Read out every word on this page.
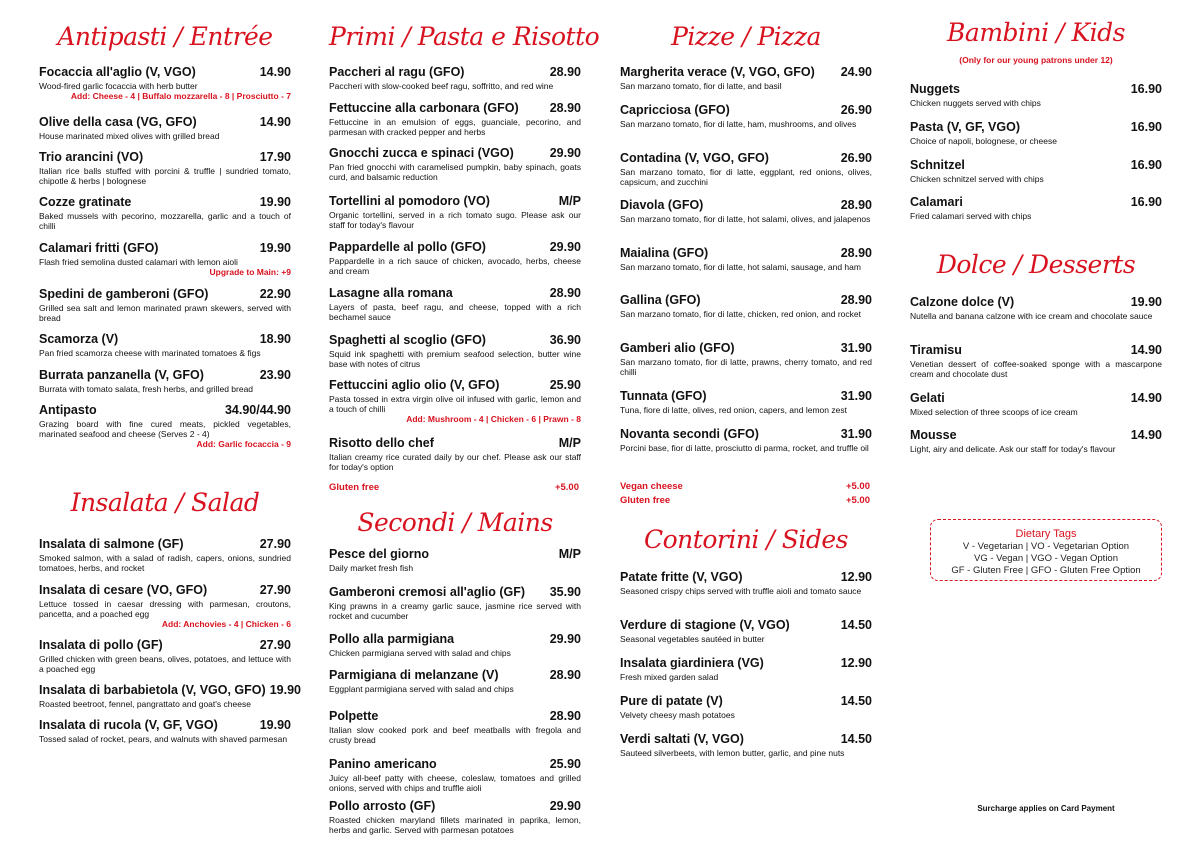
Antipasti / Entrée
Focaccia all'aglio (V, VGO)	14.90
Wood-fired garlic focaccia with herb butter
Add: Cheese - 4 | Buffalo mozzarella - 8 | Prosciutto - 7
Olive della casa (VG, GFO)	14.90
House marinated mixed olives with grilled bread
Trio arancini (VO)	17.90
Italian rice balls stuffed with porcini & truffle | sundried tomato, chipotle & herbs | bolognese
Cozze gratinate	19.90
Baked mussels with pecorino, mozzarella, garlic and a touch of chilli
Calamari fritti (GFO)	19.90
Flash fried semolina dusted calamari with lemon aioli
Upgrade to Main: +9
Spedini de gamberoni (GFO)	22.90
Grilled sea salt and lemon marinated prawn skewers, served with bread
Scamorza (V)	18.90
Pan fried scamorza cheese with marinated tomatoes & figs
Burrata panzanella (V, GFO)	23.90
Burrata with tomato salata, fresh herbs, and grilled bread
Antipasto	34.90/44.90
Grazing board with fine cured meats, pickled vegetables, marinated seafood and cheese (Serves 2 - 4)
Add: Garlic focaccia - 9
Insalata / Salad
Insalata di salmone (GF)	27.90
Smoked salmon, with a salad of radish, capers, onions, sundried tomatoes, herbs, and rocket
Insalata di cesare (VO, GFO)	27.90
Lettuce tossed in caesar dressing with parmesan, croutons, pancetta, and a poached egg
Add: Anchovies - 4 | Chicken - 6
Insalata di pollo (GF)	27.90
Grilled chicken with green beans, olives, potatoes, and lettuce with a poached egg
Insalata di barbabietola (V, VGO, GFO) 19.90
Roasted beetroot, fennel, pangrattato and goat's cheese
Insalata di rucola (V, GF, VGO)	19.90
Tossed salad of rocket, pears, and walnuts with shaved parmesan
Primi / Pasta e Risotto
Paccheri al ragu (GFO)	28.90
Paccheri with slow-cooked beef ragu, soffritto, and red wine
Fettuccine alla carbonara (GFO) 28.90
Fettuccine in an emulsion of eggs, guanciale, pecorino, and parmesan with cracked pepper and herbs
Gnocchi zucca e spinaci (VGO)	29.90
Pan fried gnocchi with caramelised pumpkin, baby spinach, goats curd, and balsamic reduction
Tortellini al pomodoro (VO)	M/P
Organic tortellini, served in a rich tomato sugo. Please ask our staff for today's flavour
Pappardelle al pollo (GFO)	29.90
Pappardelle in a rich sauce of chicken, avocado, herbs, cheese and cream
Lasagne alla romana	28.90
Layers of pasta, beef ragu, and cheese, topped with a rich bechamel sauce
Spaghetti al scoglio (GFO)	36.90
Squid ink spaghetti with premium seafood selection, butter wine base with notes of citrus
Fettuccini aglio olio (V, GFO)	25.90
Pasta tossed in extra virgin olive oil infused with garlic, lemon and a touch of chilli
Add: Mushroom - 4 | Chicken - 6 | Prawn - 8
Risotto dello chef	M/P
Italian creamy rice curated daily by our chef. Please ask our staff for today's option
Gluten free	+5.00
Secondi / Mains
Pesce del giorno	M/P
Daily market fresh fish
Gamberoni cremosi all'aglio (GF) 35.90
King prawns in a creamy garlic sauce, jasmine rice served with rocket and cucumber
Pollo alla parmigiana	29.90
Chicken parmigiana served with salad and chips
Parmigiana di melanzane (V)	28.90
Eggplant parmigiana served with salad and chips
Polpette	28.90
Italian slow cooked pork and beef meatballs with fregola and crusty bread
Panino americano	25.90
Juicy all-beef patty with cheese, coleslaw, tomatoes and grilled onions, served with chips and truffle aioli
Pollo arrosto (GF)	29.90
Roasted chicken maryland fillets marinated in paprika, lemon, herbs and garlic. Served with parmesan potatoes
Pizze / Pizza
Margherita verace (V, VGO, GFO) 24.90
San marzano tomato, fior di latte, and basil
Capricciosa (GFO)	26.90
San marzano tomato, fior di latte, ham, mushrooms, and olives
Contadina (V, VGO, GFO)	26.90
San marzano tomato, fior di latte, eggplant, red onions, olives, capsicum, and zucchini
Diavola (GFO)	28.90
San marzano tomato, fior di latte, hot salami, olives, and jalapenos
Maialina (GFO)	28.90
San marzano tomato, fior di latte, hot salami, sausage, and ham
Gallina (GFO)	28.90
San marzano tomato, fior di latte, chicken, red onion, and rocket
Gamberi alio (GFO)	31.90
San marzano tomato, fior di latte, prawns, cherry tomato, and red chilli
Tunnata (GFO)	31.90
Tuna, fiore di latte, olives, red onion, capers, and lemon zest
Novanta secondi (GFO)	31.90
Porcini base, fior di latte, prosciutto di parma, rocket, and truffle oil
Vegan cheese	+5.00
Gluten free	+5.00
Contorini / Sides
Patate fritte (V, VGO)	12.90
Seasoned crispy chips served with truffle aioli and tomato sauce
Verdure di stagione (V, VGO)	14.50
Seasonal vegetables sautéed in butter
Insalata giardiniera (VG)	12.90
Fresh mixed garden salad
Pure di patate (V)	14.50
Velvety cheesy mash potatoes
Verdi saltati (V, VGO)	14.50
Sauteed silverbeets, with lemon butter, garlic, and pine nuts
Bambini / Kids
(Only for our young patrons under 12)
Nuggets	16.90
Chicken nuggets served with chips
Pasta (V, GF, VGO)	16.90
Choice of napoli, bolognese, or cheese
Schnitzel	16.90
Chicken schnitzel served with chips
Calamari	16.90
Fried calamari served with chips
Dolce / Desserts
Calzone dolce (V)	19.90
Nutella and banana calzone with ice cream and chocolate sauce
Tiramisu	14.90
Venetian dessert of coffee-soaked sponge with a mascarpone cream and chocolate dust
Gelati	14.90
Mixed selection of three scoops of ice cream
Mousse	14.90
Light, airy and delicate. Ask our staff for today's flavour
Dietary Tags
V - Vegetarian | VO - Vegetarian Option
VG - Vegan | VGO - Vegan Option
GF - Gluten Free | GFO - Gluten Free Option
Surcharge applies on Card Payment
